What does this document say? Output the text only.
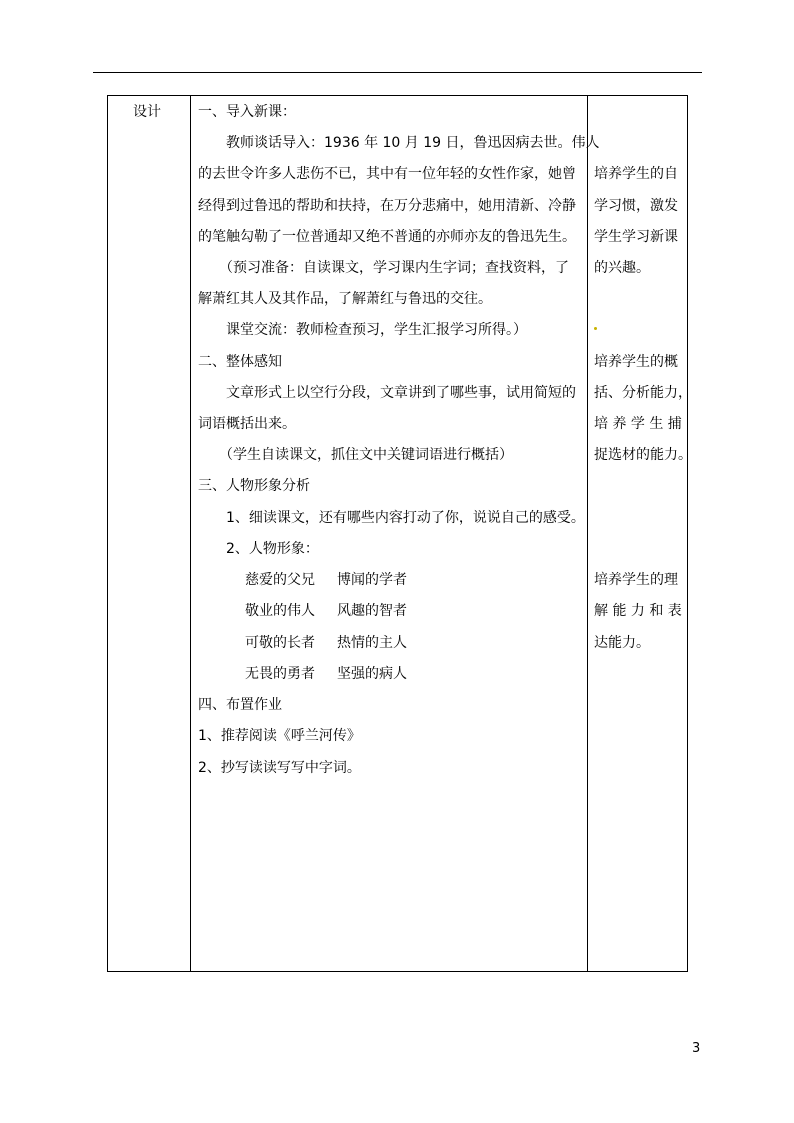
设计	一、导入新课：
　　教师谈话导入：1936 年 10 月 19 日，鲁迅因病去世。伟人
的去世令许多人悲伤不已，其中有一位年轻的女性作家，她曾
经得到过鲁迅的帮助和扶持，在万分悲痛中，她用清新、冷静
的笔触勾勒了一位普通却又绝不普通的亦师亦友的鲁迅先生。
　　（预习准备：自读课文，学习课内生字词；查找资料，了
解萧红其人及其作品，了解萧红与鲁迅的交往。
　　课堂交流：教师检查预习，学生汇报学习所得。）
二、整体感知
　　文章形式上以空行分段，文章讲到了哪些事，试用简短的
词语概括出来。
　　（学生自读课文，抓住文中关键词语进行概括）
三、人物形象分析
　　1、细读课文，还有哪些内容打动了你，说说自己的感受。
　　2、人物形象：
慈爱的父兄 博闻的学者
敬业的伟人 风趣的智者
可敬的长者 热情的主人
无畏的勇者 坚强的病人
四、布置作业
1、推荐阅读《呼兰河传》
2、抄写读读写写中字词。
培养学生的自
学习惯，激发
学生学习新课
的兴趣。
培养学生的概
括、分析能力，
培 养 学 生 捕
捉选材的能力。
培养学生的理
解 能 力 和 表
达能力。
3
